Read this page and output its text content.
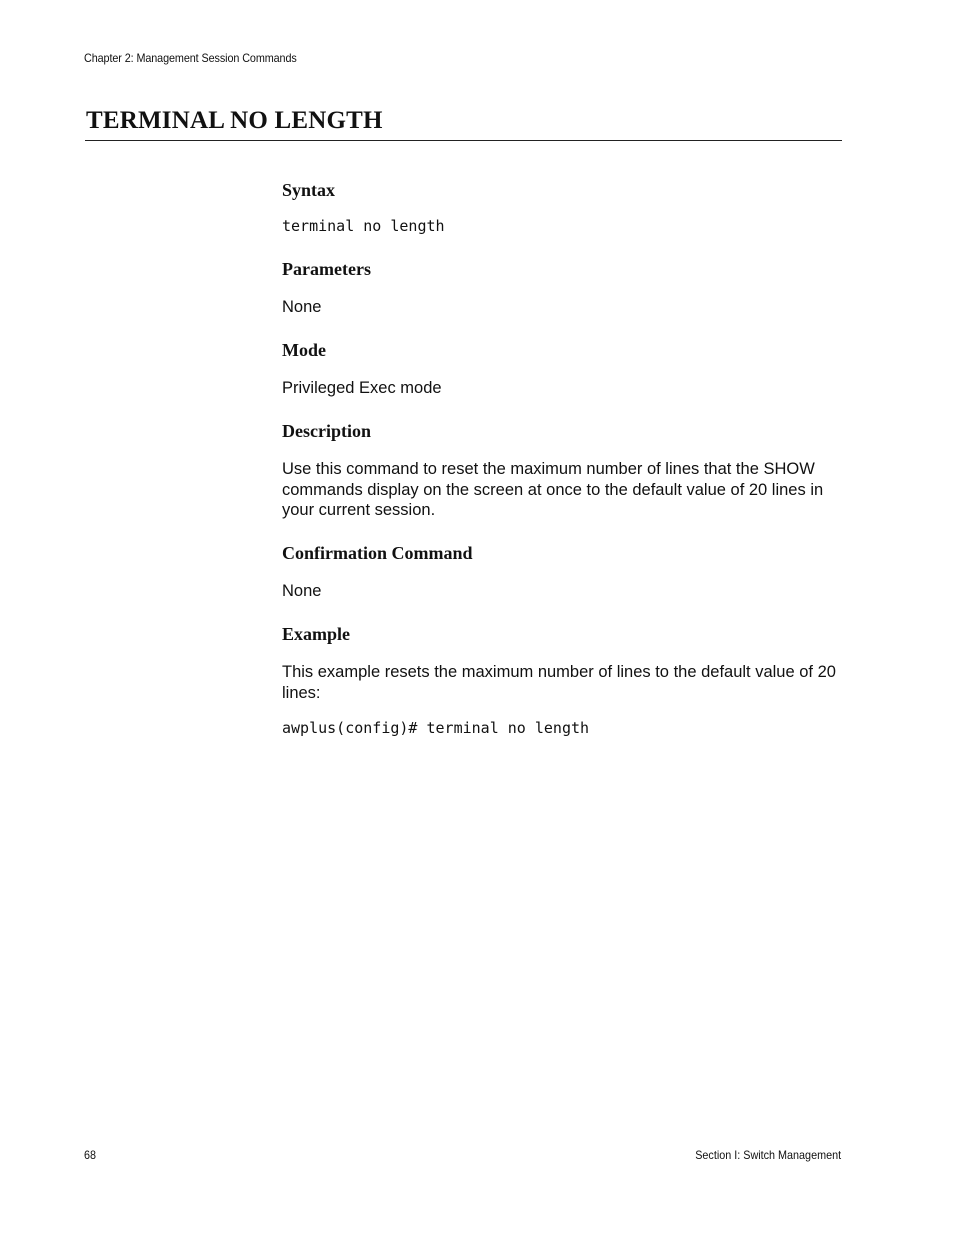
Chapter 2: Management Session Commands
TERMINAL NO LENGTH
Syntax
terminal no length
Parameters

None

Mode

Privileged Exec mode

Description

Use this command to reset the maximum number of lines that the SHOW commands display on the screen at once to the default value of 20 lines in your current session.

Confirmation Command

None

Example

This example resets the maximum number of lines to the default value of 20 lines:

awplus(config)# terminal no length
68	Section I: Switch Management
